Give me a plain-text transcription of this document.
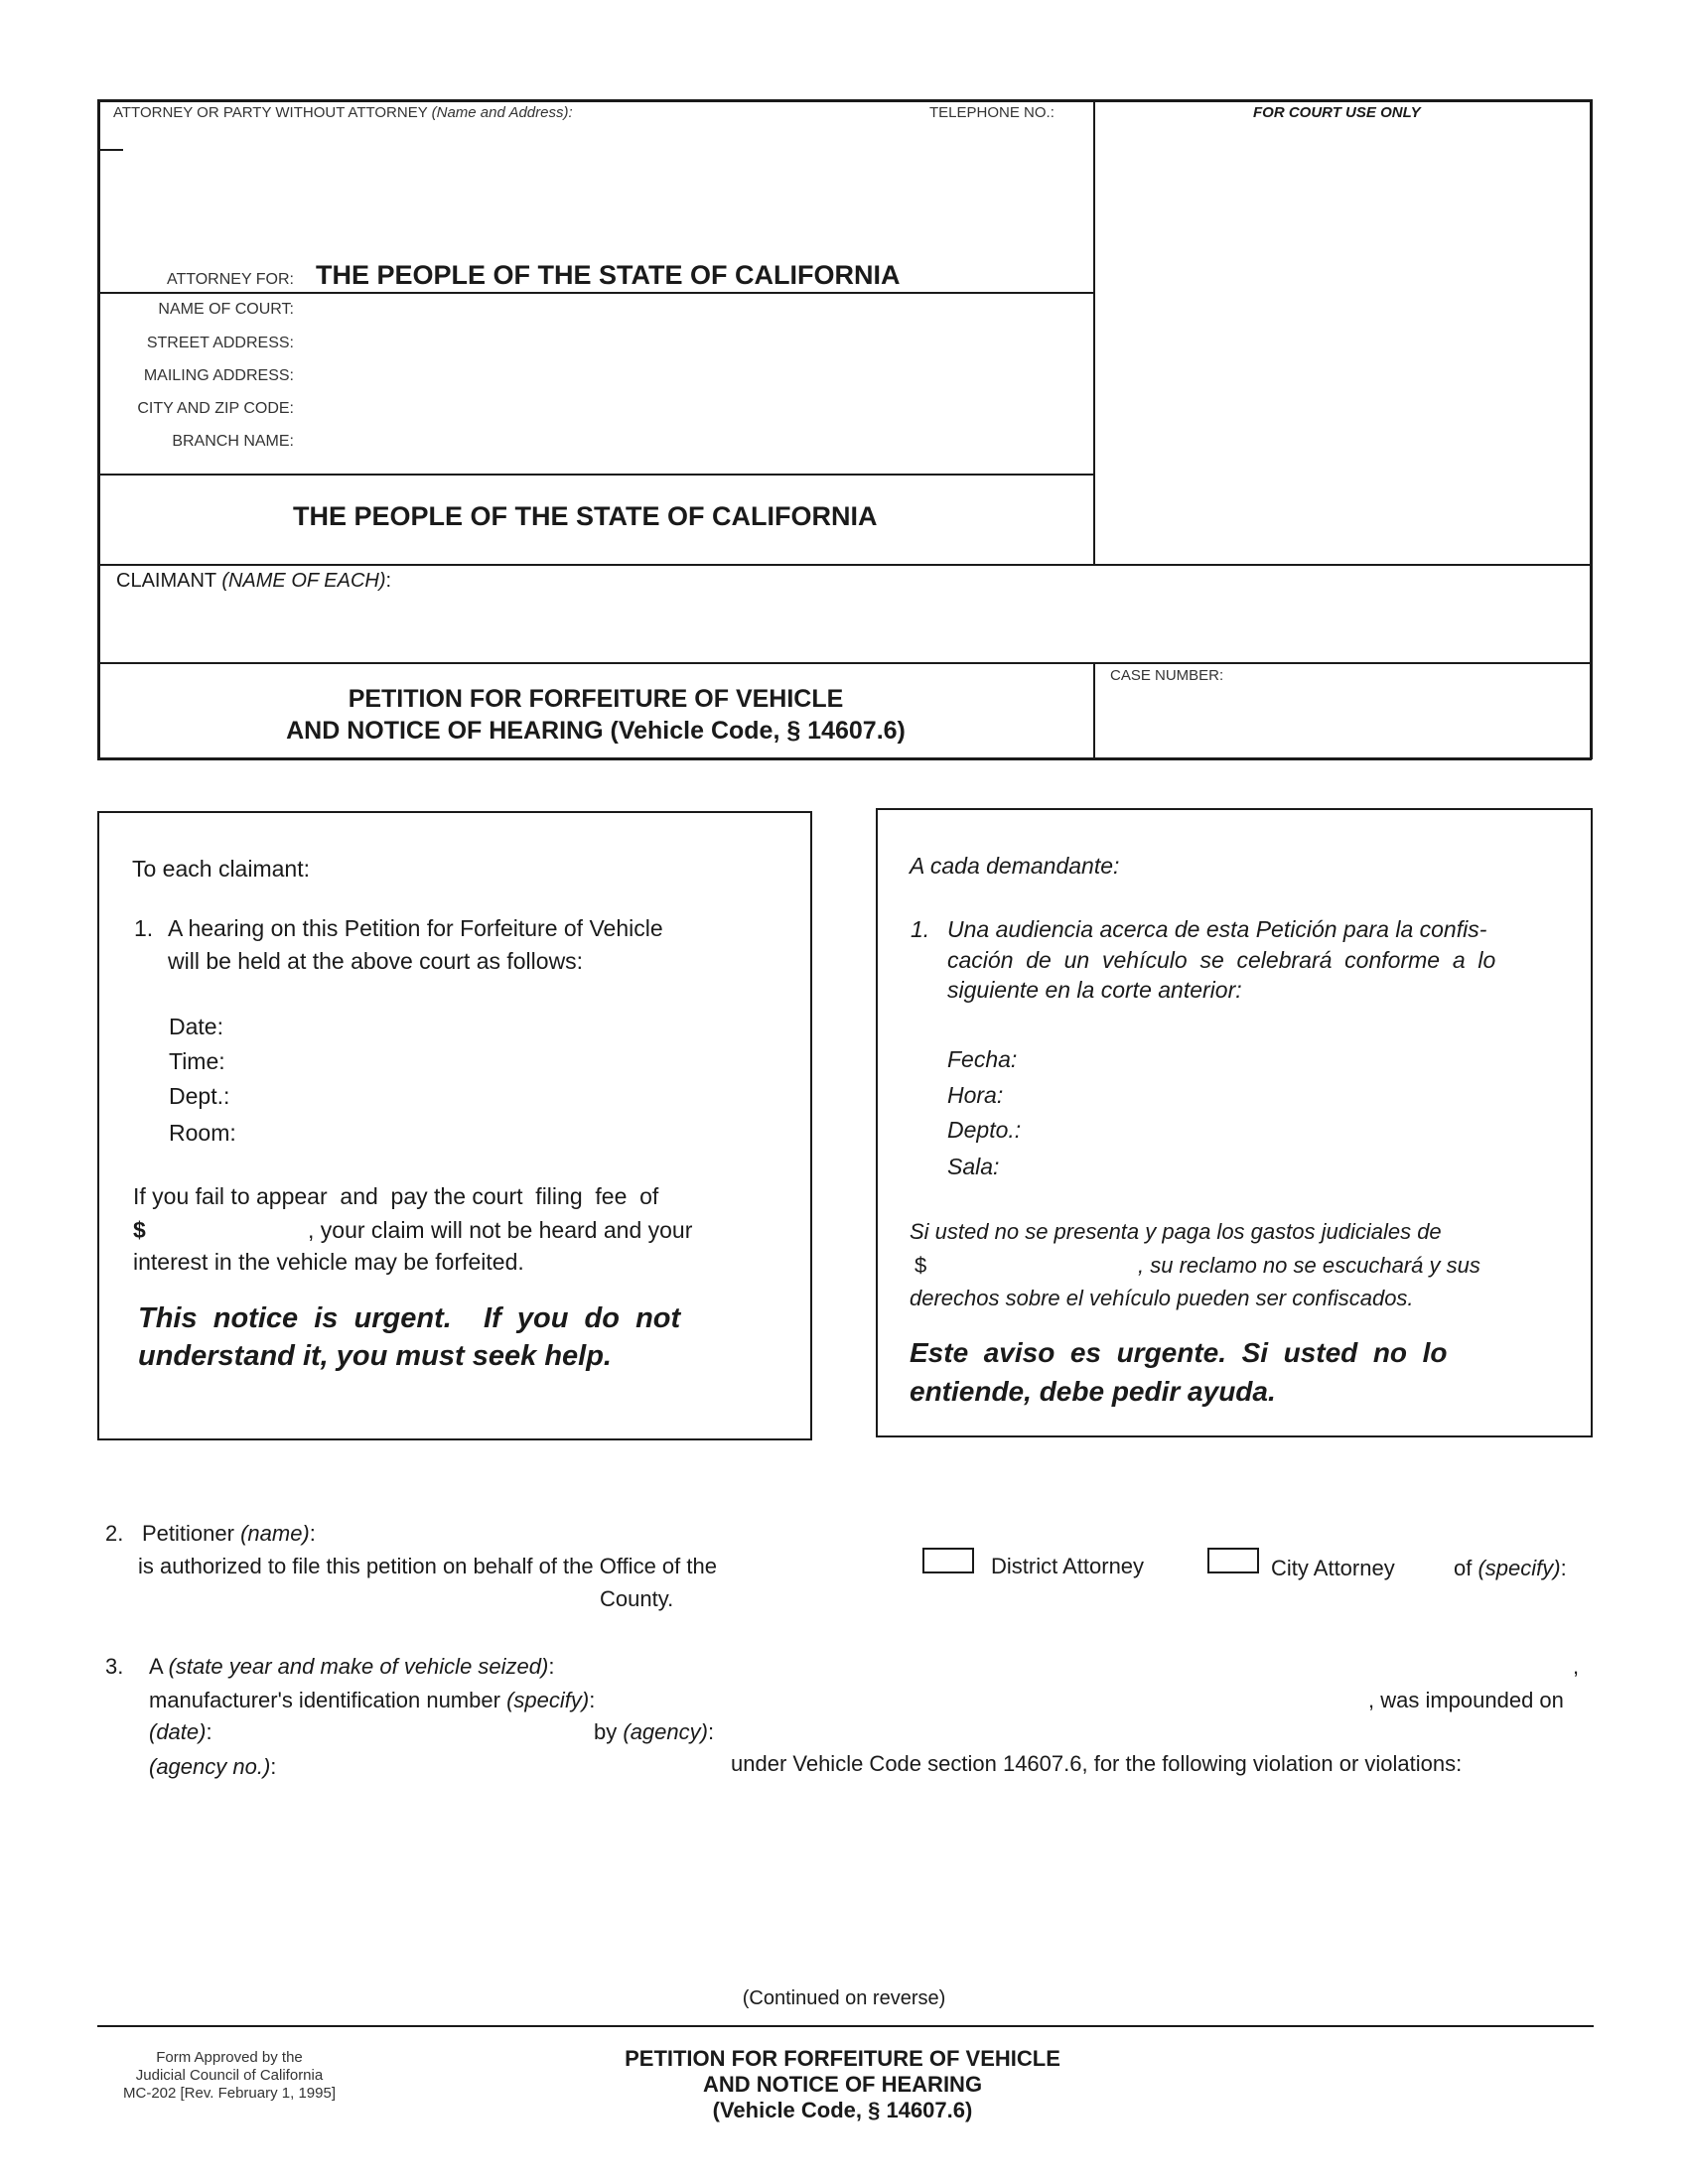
ATTORNEY OR PARTY WITHOUT ATTORNEY (Name and Address):	TELEPHONE NO.:	FOR COURT USE ONLY
ATTORNEY FOR: THE PEOPLE OF THE STATE OF CALIFORNIA
NAME OF COURT:
STREET ADDRESS:
MAILING ADDRESS:
CITY AND ZIP CODE:
BRANCH NAME:
THE PEOPLE OF THE STATE OF CALIFORNIA
CLAIMANT (NAME OF EACH):
PETITION FOR FORFEITURE OF VEHICLE
AND NOTICE OF HEARING (Vehicle Code, § 14607.6)
CASE NUMBER:
To each claimant:
1. A hearing on this Petition for Forfeiture of Vehicle
will be held at the above court as follows:
Date:
Time:
Dept.:
Room:
If you fail to appear  and  pay the court  filing  fee  of
$	, your claim will not be heard and your
interest in the vehicle may be forfeited.
This  notice  is  urgent.    If  you  do  not
understand it, you must seek help.
A cada demandante:
1. Una audiencia acerca de esta Petición para la confis-
cación  de  un  vehículo  se  celebrará  conforme  a  lo
siguiente en la corte anterior:
Fecha:
Hora:
Depto.:
Sala:
Si usted no se presenta y paga los gastos judiciales de
$	, su reclamo no se escuchará y sus
derechos sobre el vehículo pueden ser confiscados.
Este  aviso  es  urgente.  Si  usted  no  lo
entiende, debe pedir ayuda.
2. Petitioner (name):
is authorized to file this petition on behalf of the Office of the
County.
District Attorney	City Attorney	of (specify):
3. A (state year and make of vehicle seized):	,
manufacturer's identification number (specify):	, was impounded on
(date):	by (agency):
(agency no.):	under Vehicle Code section 14607.6, for the following violation or violations:
(Continued on reverse)
Form Approved by the
Judicial Council of California
MC-202 [Rev. February 1, 1995]
PETITION FOR FORFEITURE OF VEHICLE
AND NOTICE OF HEARING
(Vehicle Code, § 14607.6)
